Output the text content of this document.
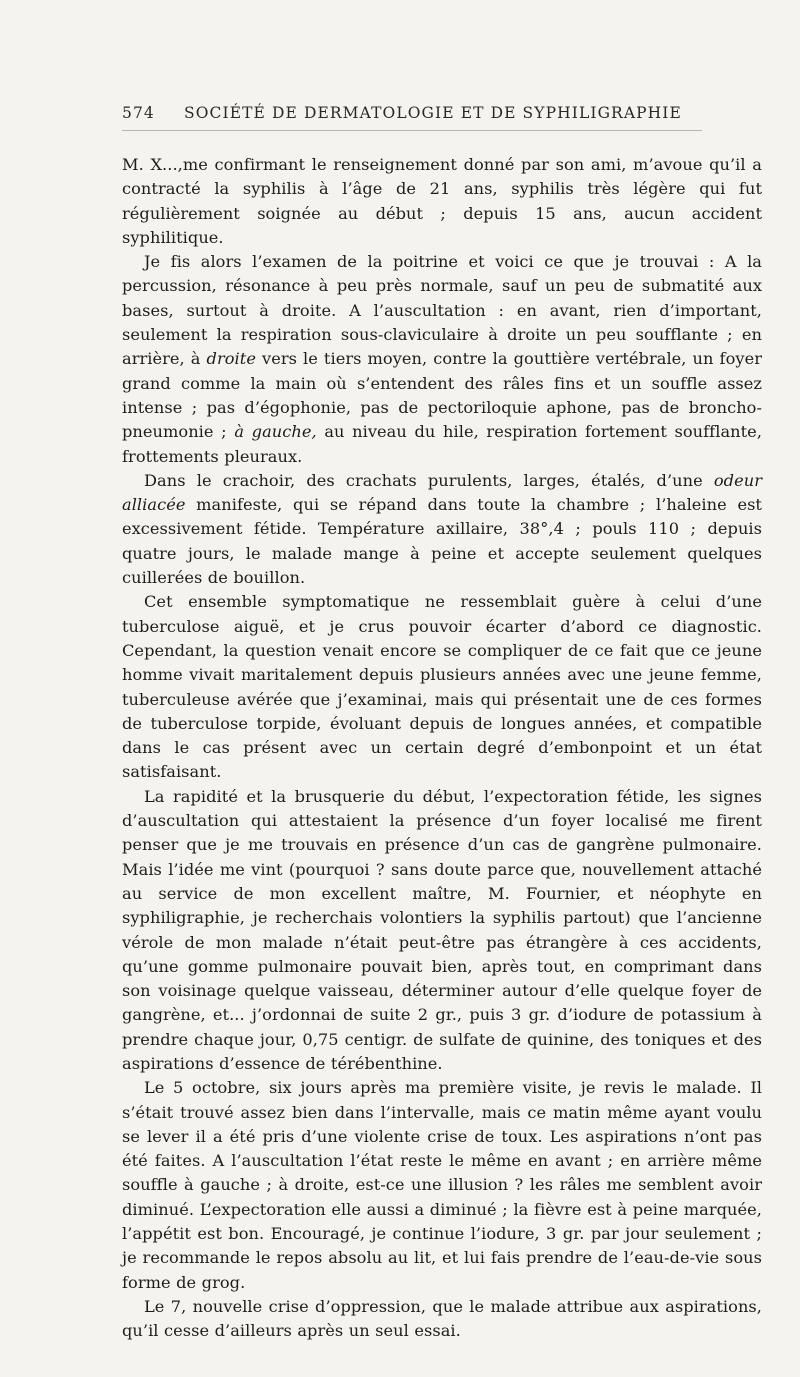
574 SOCIÉTÉ DE DERMATOLOGIE ET DE SYPHILIGRAPHIE

M. X...,me confirmant le renseignement donné par son ami, m’avoue qu’il a contracté la syphilis à l’âge de 21 ans, syphilis très légère qui fut régulièrement soignée au début ; depuis 15 ans, aucun accident syphilitique.

Je fis alors l’examen de la poitrine et voici ce que je trouvai : A la percussion, résonance à peu près normale, sauf un peu de submatité aux bases, surtout à droite. A l’auscultation : en avant, rien d’important, seulement la respiration sous-claviculaire à droite un peu soufflante ; en arrière, à droite vers le tiers moyen, contre la gouttière vertébrale, un foyer grand comme la main où s’entendent des râles fins et un souffle assez intense ; pas d’égophonie, pas de pectoriloquie aphone, pas de broncho-pneumonie ; à gauche, au niveau du hile, respiration fortement soufflante, frottements pleuraux.

Dans le crachoir, des crachats purulents, larges, étalés, d’une odeur alliacée manifeste, qui se répand dans toute la chambre ; l’haleine est excessivement fétide. Température axillaire, 38°,4 ; pouls 110 ; depuis quatre jours, le malade mange à peine et accepte seulement quelques cuillerées de bouillon.

Cet ensemble symptomatique ne ressemblait guère à celui d’une tuberculose aiguë, et je crus pouvoir écarter d’abord ce diagnostic. Cependant, la question venait encore se compliquer de ce fait que ce jeune homme vivait maritalement depuis plusieurs années avec une jeune femme, tuberculeuse avérée que j’examinai, mais qui présentait une de ces formes de tuberculose torpide, évoluant depuis de longues années, et compatible dans le cas présent avec un certain degré d’embonpoint et un état satisfaisant.

La rapidité et la brusquerie du début, l’expectoration fétide, les signes d’auscultation qui attestaient la présence d’un foyer localisé me firent penser que je me trouvais en présence d’un cas de gangrène pulmonaire. Mais l’idée me vint (pourquoi ? sans doute parce que, nouvellement attaché au service de mon excellent maître, M. Fournier, et néophyte en syphiligraphie, je recherchais volontiers la syphilis partout) que l’ancienne vérole de mon malade n’était peut-être pas étrangère à ces accidents, qu’une gomme pulmonaire pouvait bien, après tout, en comprimant dans son voisinage quelque vaisseau, déterminer autour d’elle quelque foyer de gangrène, et... j’ordonnai de suite 2 gr., puis 3 gr. d’iodure de potassium à prendre chaque jour, 0,75 centigr. de sulfate de quinine, des toniques et des aspirations d’essence de térébenthine.

Le 5 octobre, six jours après ma première visite, je revis le malade. Il s’était trouvé assez bien dans l’intervalle, mais ce matin même ayant voulu se lever il a été pris d’une violente crise de toux. Les aspirations n’ont pas été faites. A l’auscultation l’état reste le même en avant ; en arrière même souffle à gauche ; à droite, est-ce une illusion ? les râles me semblent avoir diminué. L’expectoration elle aussi a diminué ; la fièvre est à peine marquée, l’appétit est bon. Encouragé, je continue l’iodure, 3 gr. par jour seulement ; je recommande le repos absolu au lit, et lui fais prendre de l’eau-de-vie sous forme de grog.

Le 7, nouvelle crise d’oppression, que le malade attribue aux aspirations, qu’il cesse d’ailleurs après un seul essai.
